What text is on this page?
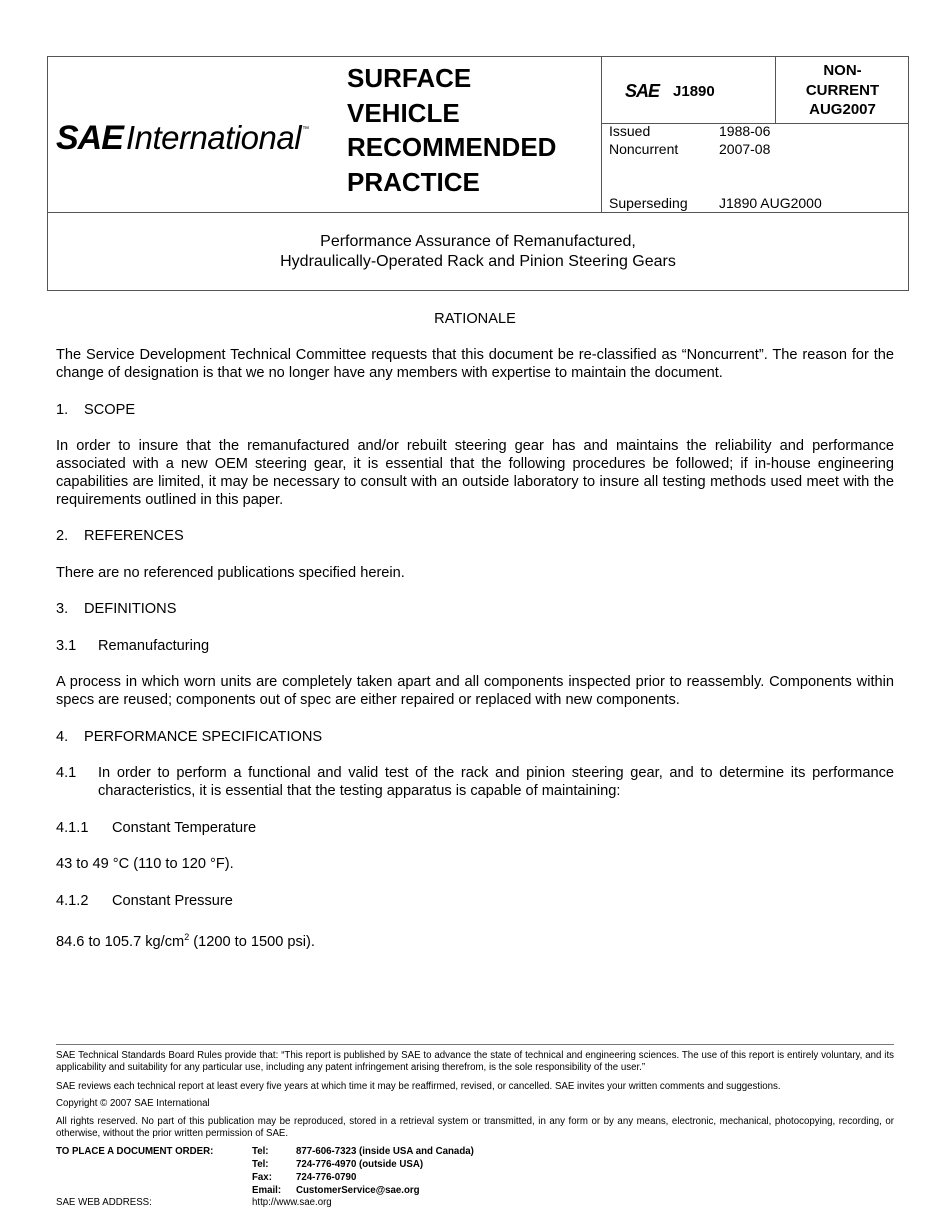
SAE International ™
SURFACE
VEHICLE
RECOMMENDED
PRACTICE
SAE J1890
NON-
CURRENT
AUG2007
Issued	1988-06
Noncurrent	2007-08
Superseding J1890 AUG2000
Performance Assurance of Remanufactured,
Hydraulically-Operated Rack and Pinion Steering Gears

RATIONALE

The Service Development Technical Committee requests that this document be re-classified as “Noncurrent”. The reason for the change of designation is that we no longer have any members with expertise to maintain the document.

1.	SCOPE

In order to insure that the remanufactured and/or rebuilt steering gear has and maintains the reliability and performance associated with a new OEM steering gear, it is essential that the following procedures be followed; if in-house engineering capabilities are limited, it may be necessary to consult with an outside laboratory to insure all testing methods used meet with the requirements outlined in this paper.

2.	REFERENCES

There are no referenced publications specified herein.

3.	DEFINITIONS
3.1	Remanufacturing

A process in which worn units are completely taken apart and all components inspected prior to reassembly. Components within specs are reused; components out of spec are either repaired or replaced with new components.

4.	PERFORMANCE SPECIFICATIONS
4.1	In order to perform a functional and valid test of the rack and pinion steering gear, and to determine its performance characteristics, it is essential that the testing apparatus is capable of maintaining:
4.1.1	Constant Temperature

43 to 49 °C (110 to 120 °F).

4.1.2	Constant Pressure

84.6 to 105.7 $kg/cm^2$ (1200 to 1500 psi).

SAE Technical Standards Board Rules provide that: “This report is published by SAE to advance the state of technical and engineering sciences. The use of this report is entirely voluntary, and its applicability and suitability for any particular use, including any patent infringement arising therefrom, is the sole responsibility of the user.”

SAE reviews each technical report at least every five years at which time it may be reaffirmed, revised, or cancelled. SAE invites your written comments and suggestions.

Copyright © 2007 SAE International

All rights reserved. No part of this publication may be reproduced, stored in a retrieval system or transmitted, in any form or by any means, electronic, mechanical, photocopying, recording, or otherwise, without the prior written permission of SAE.

TO PLACE A DOCUMENT ORDER:	Tel:	877-606-7323 (inside USA and Canada)
Tel:	724-776-4970 (outside USA)
Fax:	724-776-0790
Email:	CustomerService@sae.org
SAE WEB ADDRESS:	http://www.sae.org
